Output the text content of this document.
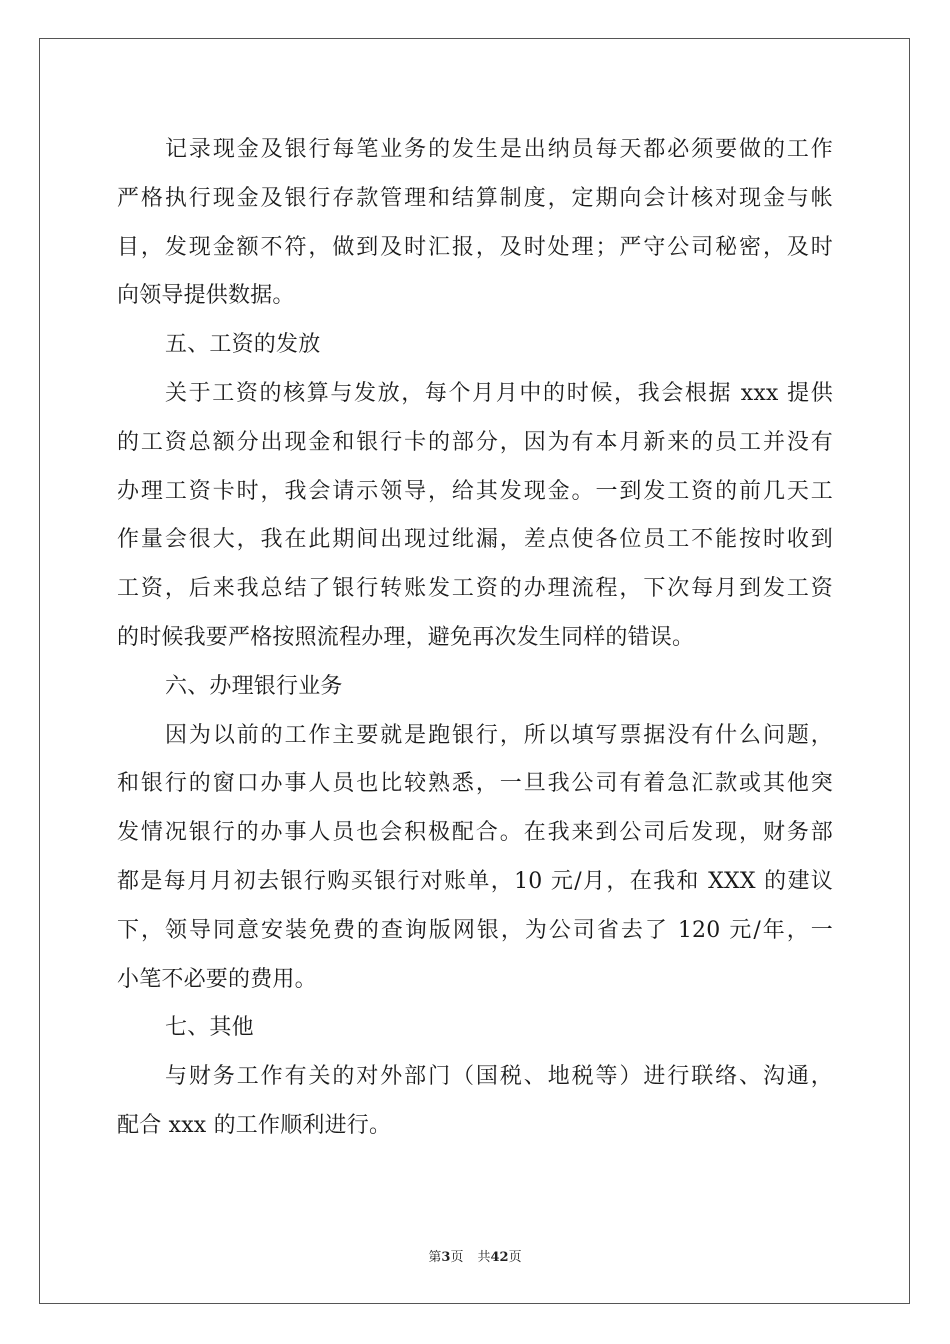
记录现金及银行每笔业务的发生是出纳员每天都必须要做的工作
严格执行现金及银行存款管理和结算制度，定期向会计核对现金与帐
目，发现金额不符，做到及时汇报，及时处理；严守公司秘密，及时
向领导提供数据。
五、工资的发放
关于工资的核算与发放，每个月月中的时候，我会根据 xxx 提供
的工资总额分出现金和银行卡的部分，因为有本月新来的员工并没有
办理工资卡时，我会请示领导，给其发现金。一到发工资的前几天工
作量会很大，我在此期间出现过纰漏，差点使各位员工不能按时收到
工资，后来我总结了银行转账发工资的办理流程，下次每月到发工资
的时候我要严格按照流程办理，避免再次发生同样的错误。
六、办理银行业务
因为以前的工作主要就是跑银行，所以填写票据没有什么问题，
和银行的窗口办事人员也比较熟悉，一旦我公司有着急汇款或其他突
发情况银行的办事人员也会积极配合。在我来到公司后发现，财务部
都是每月月初去银行购买银行对账单，10 元/月，在我和 XXX 的建议
下，领导同意安装免费的查询版网银，为公司省去了 120 元/年，一
小笔不必要的费用。
七、其他
与财务工作有关的对外部门（国税、地税等）进行联络、沟通，
配合 xxx 的工作顺利进行。
第3页 共42页
